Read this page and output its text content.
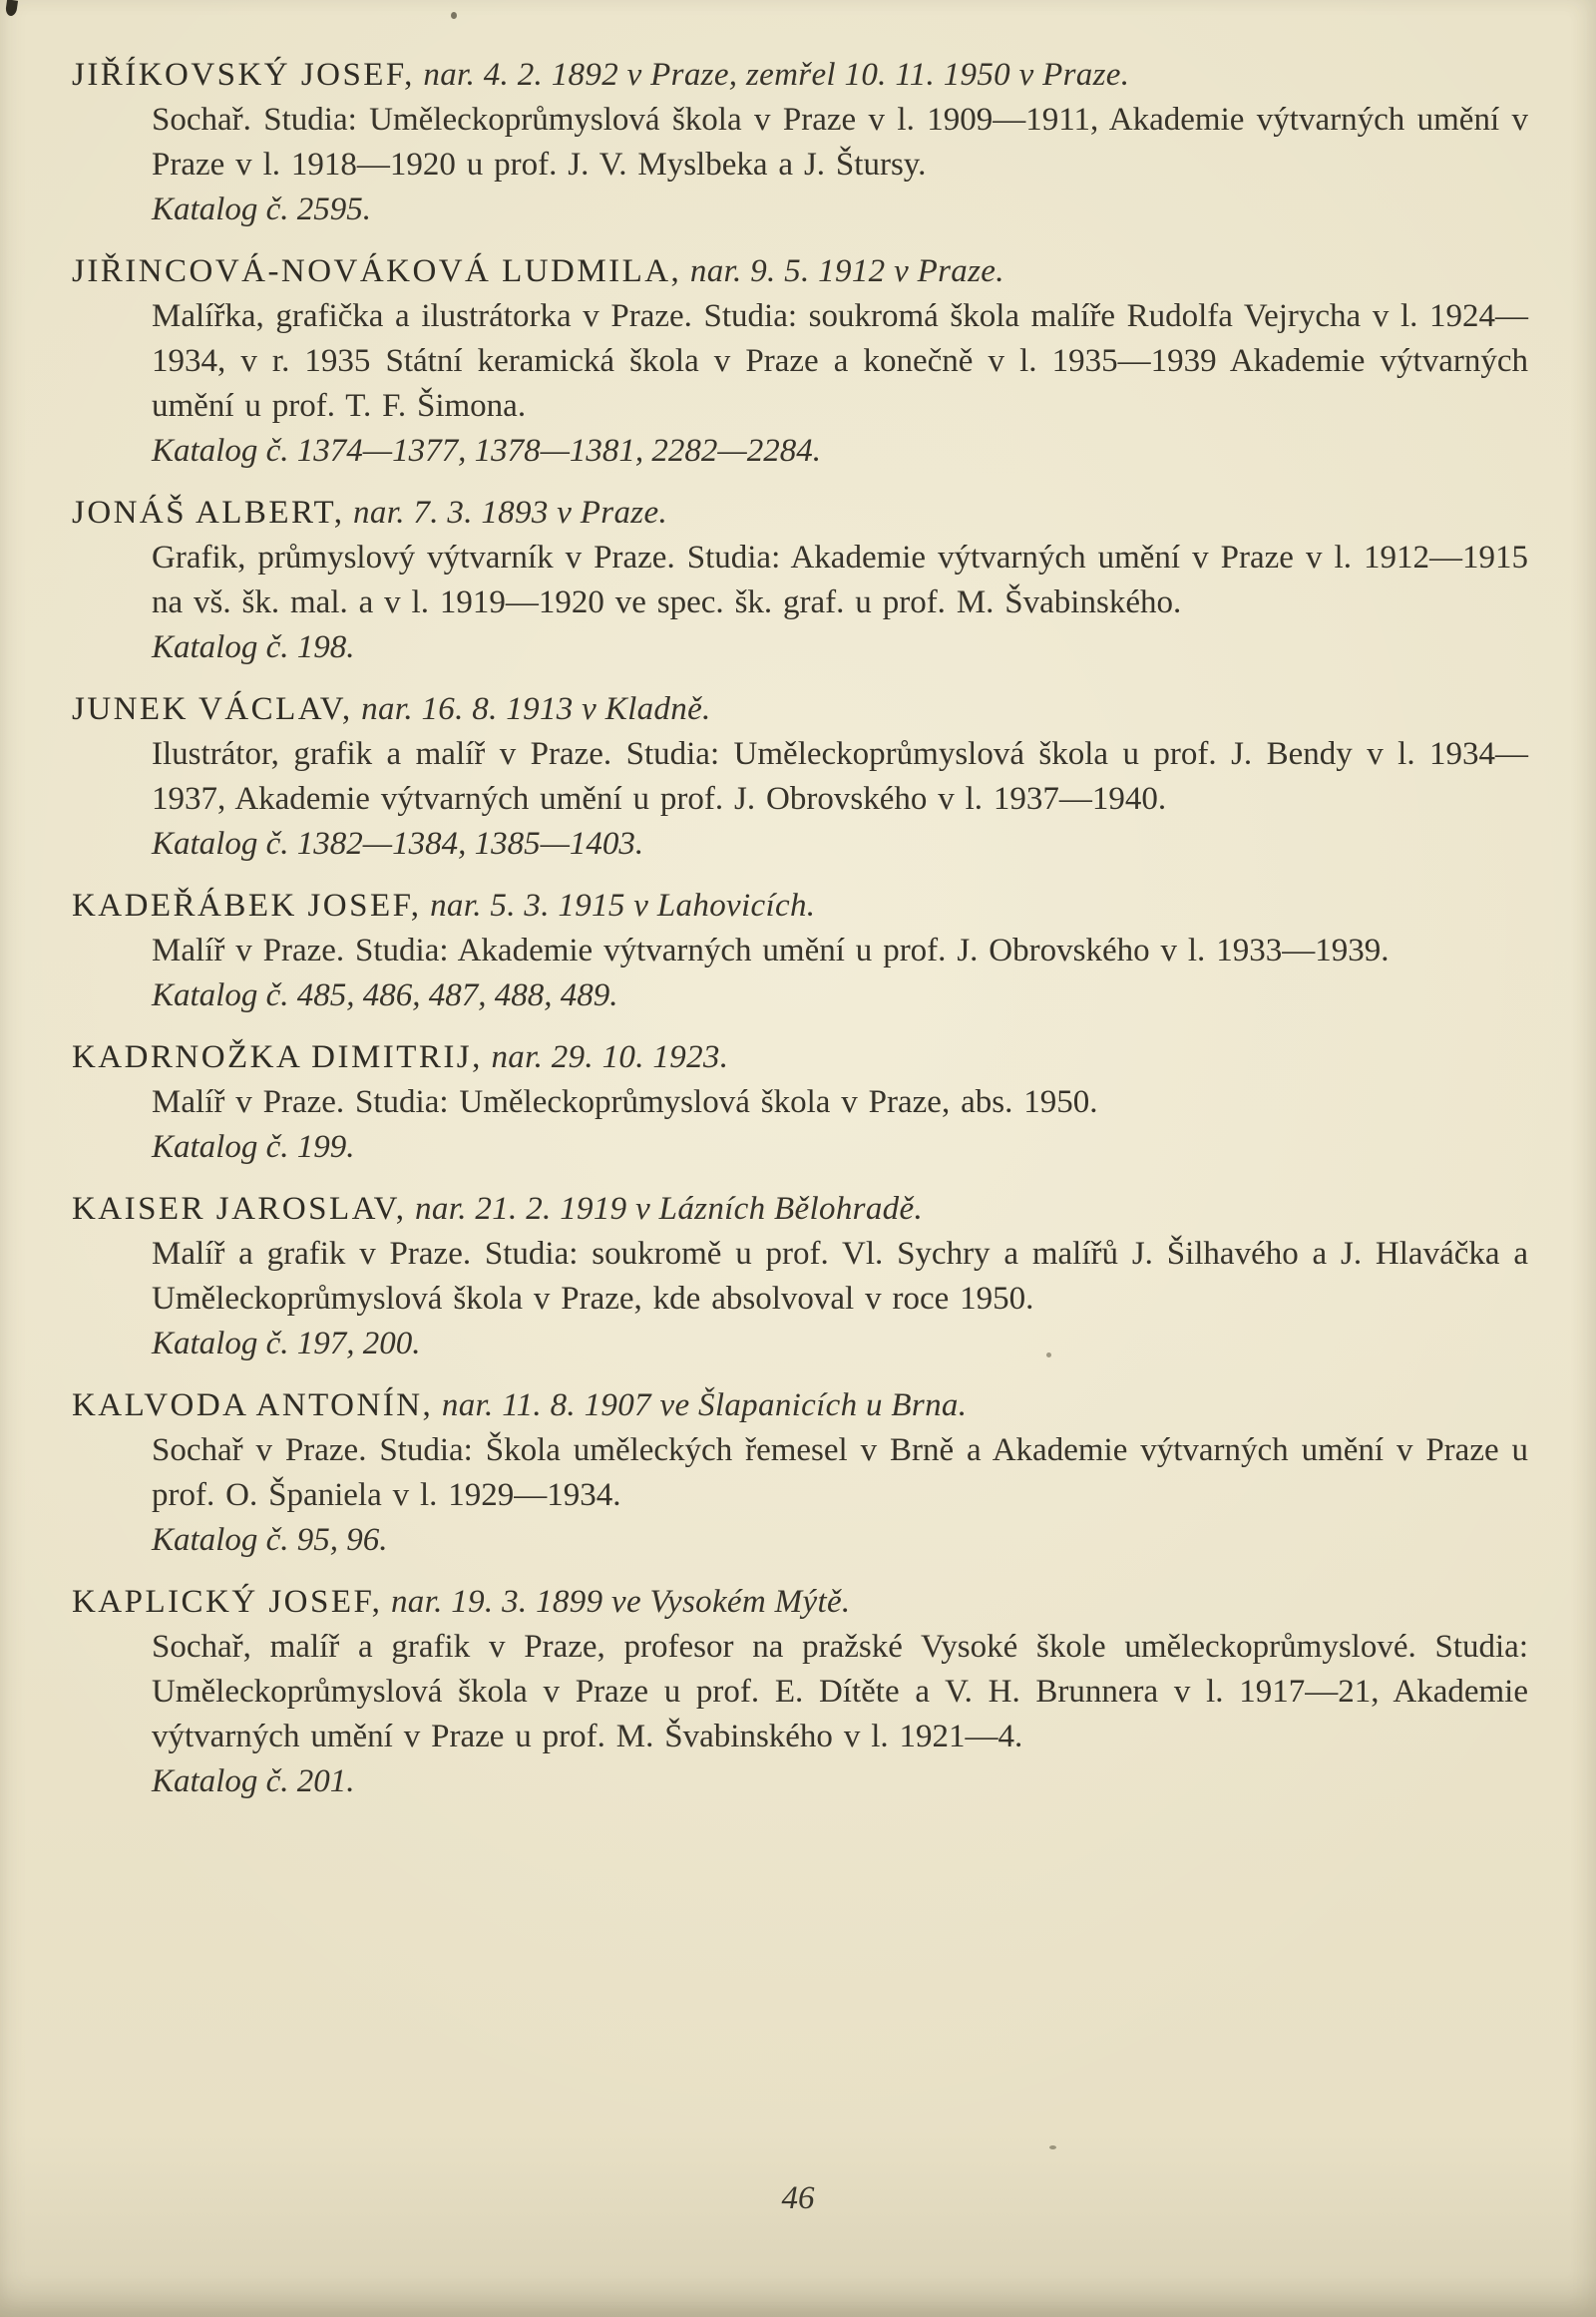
JIŘÍKOVSKÝ JOSEF, nar. 4. 2. 1892 v Praze, zemřel 10. 11. 1950 v Praze.
Sochař. Studia: Uměleckoprůmyslová škola v Praze v l. 1909—1911, Akademie výtvarných umění v Praze v l. 1918—1920 u prof. J. V. Myslbeka a J. Štursy.
Katalog č. 2595.
JIŘINCOVÁ-NOVÁKOVÁ LUDMILA, nar. 9. 5. 1912 v Praze.
Malířka, grafička a ilustrátorka v Praze. Studia: soukromá škola malíře Rudolfa Vejrycha v l. 1924—1934, v r. 1935 Státní keramická škola v Praze a konečně v l. 1935—1939 Akademie výtvarných umění u prof. T. F. Šimona.
Katalog č. 1374—1377, 1378—1381, 2282—2284.
JONÁŠ ALBERT, nar. 7. 3. 1893 v Praze.
Grafik, průmyslový výtvarník v Praze. Studia: Akademie výtvarných umění v Praze v l. 1912—1915 na vš. šk. mal. a v l. 1919—1920 ve spec. šk. graf. u prof. M. Švabinského.
Katalog č. 198.
JUNEK VÁCLAV, nar. 16. 8. 1913 v Kladně.
Ilustrátor, grafik a malíř v Praze. Studia: Uměleckoprůmyslová škola u prof. J. Bendy v l. 1934—1937, Akademie výtvarných umění u prof. J. Obrovského v l. 1937—1940.
Katalog č. 1382—1384, 1385—1403.
KADEŘÁBEK JOSEF, nar. 5. 3. 1915 v Lahovicích.
Malíř v Praze. Studia: Akademie výtvarných umění u prof. J. Obrovského v l. 1933—1939.
Katalog č. 485, 486, 487, 488, 489.
KADRNOŽKA DIMITRIJ, nar. 29. 10. 1923.
Malíř v Praze. Studia: Uměleckoprůmyslová škola v Praze, abs. 1950.
Katalog č. 199.
KAISER JAROSLAV, nar. 21. 2. 1919 v Lázních Bělohradě.
Malíř a grafik v Praze. Studia: soukromě u prof. Vl. Sychry a malířů J. Šilhavého a J. Hlaváčka a Uměleckoprůmyslová škola v Praze, kde absolvoval v roce 1950.
Katalog č. 197, 200.
KALVODA ANTONÍN, nar. 11. 8. 1907 ve Šlapanicích u Brna.
Sochař v Praze. Studia: Škola uměleckých řemesel v Brně a Akademie výtvarných umění v Praze u prof. O. Španiela v l. 1929—1934.
Katalog č. 95, 96.
KAPLICKÝ JOSEF, nar. 19. 3. 1899 ve Vysokém Mýtě.
Sochař, malíř a grafik v Praze, profesor na pražské Vysoké škole uměleckoprůmyslové. Studia: Uměleckoprůmyslová škola v Praze u prof. E. Dítěte a V. H. Brunnera v l. 1917—21, Akademie výtvarných umění v Praze u prof. M. Švabinského v l. 1921—4.
Katalog č. 201.
46
